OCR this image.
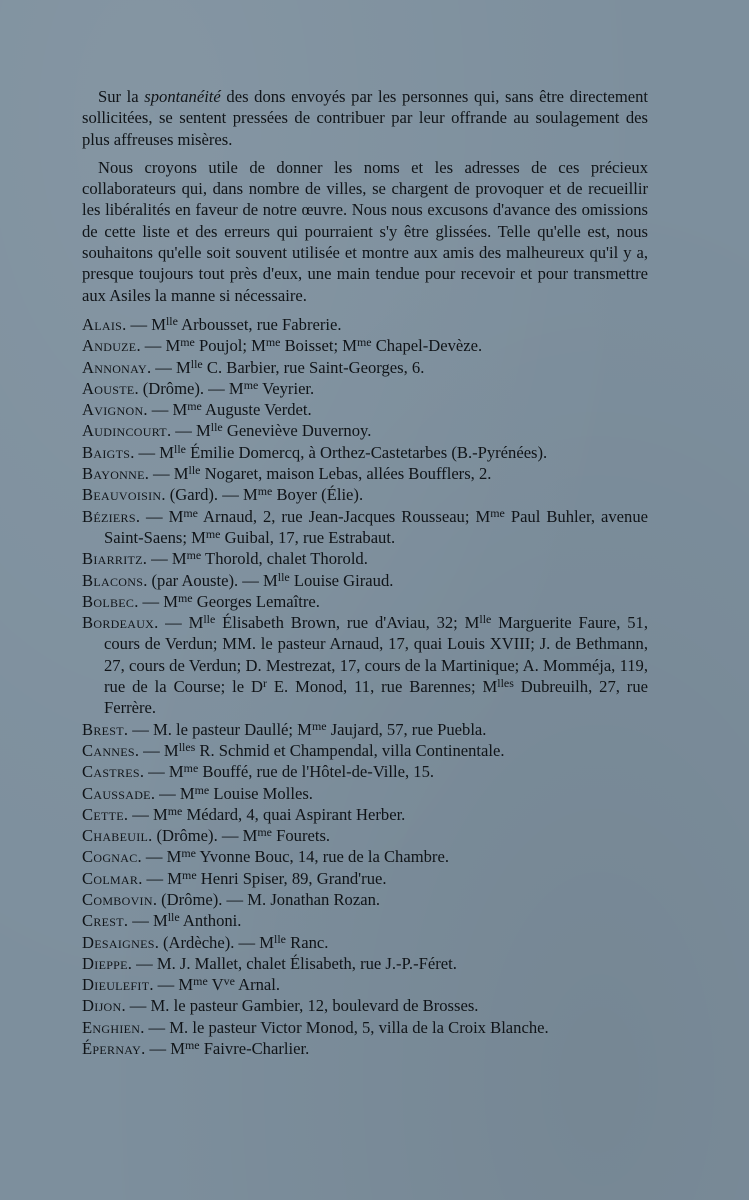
Sur la spontanéité des dons envoyés par les personnes qui, sans être directement sollicitées, se sentent pressées de contribuer par leur offrande au soulagement des plus affreuses misères.

Nous croyons utile de donner les noms et les adresses de ces précieux collaborateurs qui, dans nombre de villes, se chargent de provoquer et de recueillir les libéralités en faveur de notre œuvre. Nous nous excusons d'avance des omissions de cette liste et des erreurs qui pourraient s'y être glissées. Telle qu'elle est, nous souhaitons qu'elle soit souvent utilisée et montre aux amis des malheureux qu'il y a, presque toujours tout près d'eux, une main tendue pour recevoir et pour transmettre aux Asiles la manne si nécessaire.

Alais. — $M^{lle}$ Arbousset, rue Fabrerie.

Anduze. — $M^{me}$ Poujol; $M^{me}$ Boisset; $M^{me}$ Chapel-Devèze.

Annonay. — $M^{lle}$ C. Barbier, rue Saint-Georges, 6.

Aouste. (Drôme). — $M^{me}$ Veyrier.

Avignon. — $M^{me}$ Auguste Verdet.

Audincourt. — $M^{lle}$ Geneviève Duvernoy.

Baigts. — $M^{lle}$ Émilie Domercq, à Orthez-Castetarbes (B.-Pyrénées).

Bayonne. — $M^{lle}$ Nogaret, maison Lebas, allées Boufflers, 2.

Beauvoisin. (Gard). — $M^{me}$ Boyer (Élie).

Béziers. — $M^{me}$ Arnaud, 2, rue Jean-Jacques Rousseau; $M^{me}$ Paul Buhler, avenue Saint-Saens; $M^{me}$ Guibal, 17, rue Estrabaut.

Biarritz. — $M^{me}$ Thorold, chalet Thorold.

Blacons. (par Aouste). — $M^{lle}$ Louise Giraud.

Bolbec. — $M^{me}$ Georges Lemaître.

Bordeaux. — $M^{lle}$ Élisabeth Brown, rue d'Aviau, 32; $M^{lle}$ Marguerite Faure, 51, cours de Verdun; MM. le pasteur Arnaud, 17, quai Louis XVIII; J. de Bethmann, 27, cours de Verdun; D. Mestrezat, 17, cours de la Martinique; A. Momméja, 119, rue de la Course; le $D^r$ E. Monod, 11, rue Barennes; $M^{lles}$ Dubreuilh, 27, rue Ferrère.

Brest. — M. le pasteur Daullé; $M^{me}$ Jaujard, 57, rue Puebla.

Cannes. — $M^{lles}$ R. Schmid et Champendal, villa Continentale.

Castres. — $M^{me}$ Bouffé, rue de l'Hôtel-de-Ville, 15.

Caussade. — $M^{me}$ Louise Molles.

Cette. — $M^{me}$ Médard, 4, quai Aspirant Herber.

Chabeuil. (Drôme). — $M^{me}$ Fourets.

Cognac. — $M^{me}$ Yvonne Bouc, 14, rue de la Chambre.

Colmar. — $M^{me}$ Henri Spiser, 89, Grand'rue.

Combovin. (Drôme). — M. Jonathan Rozan.

Crest. — $M^{lle}$ Anthoni.

Desaignes. (Ardèche). — $M^{lle}$ Ranc.

Dieppe. — M. J. Mallet, chalet Élisabeth, rue J.-P.-Féret.

Dieulefit. — $M^{me}$ $V^{ve}$ Arnal.

Dijon. — M. le pasteur Gambier, 12, boulevard de Brosses.

Enghien. — M. le pasteur Victor Monod, 5, villa de la Croix Blanche.

Épernay. — $M^{me}$ Faivre-Charlier.
